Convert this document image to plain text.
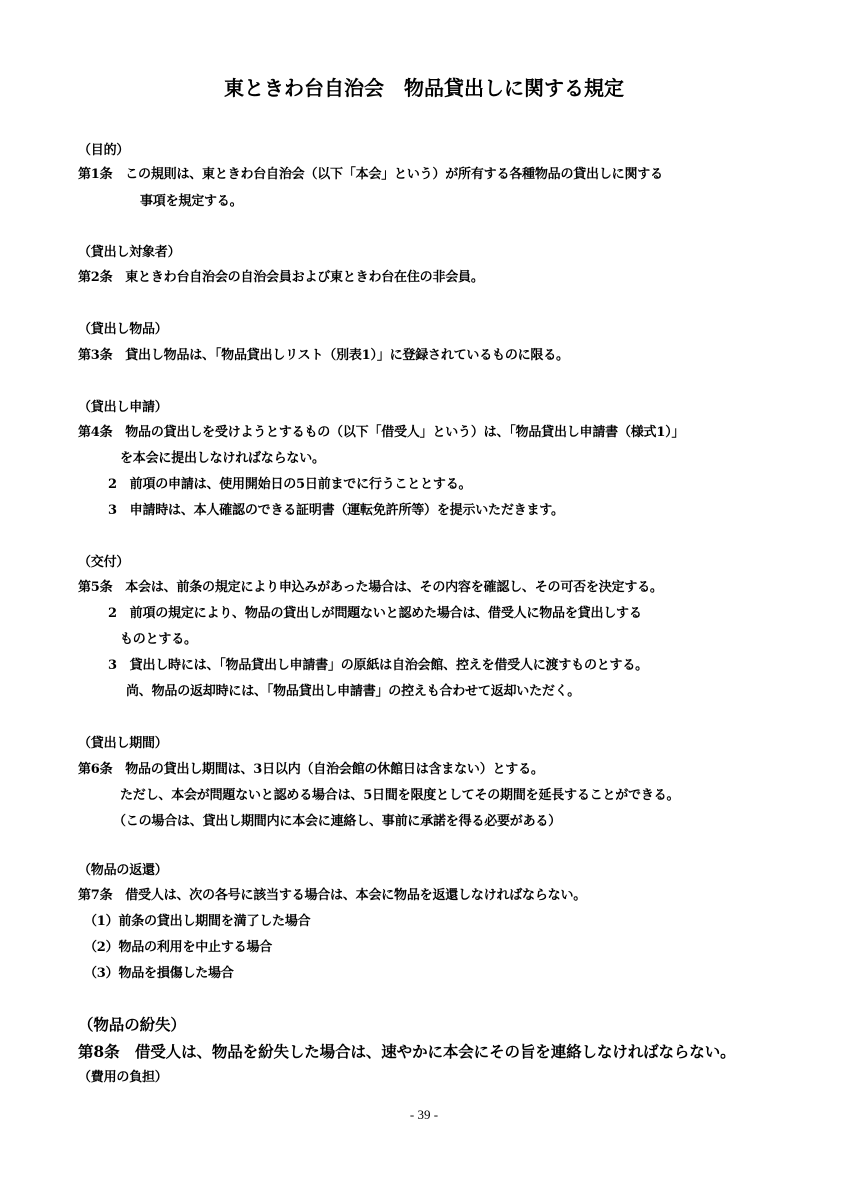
東ときわ台自治会　物品貸出しに関する規定
（目的）
第1条　この規則は、東ときわ台自治会（以下「本会」という）が所有する各種物品の貸出しに関する
事項を規定する。
（貸出し対象者）
第2条　東ときわ台自治会の自治会員および東ときわ台在住の非会員。
（貸出し物品）
第3条　貸出し物品は、「物品貸出しリスト（別表1）」に登録されているものに限る。
（貸出し申請）
第4条　物品の貸出しを受けようとするもの（以下「借受人」という）は、「物品貸出し申請書（様式1）」
を本会に提出しなければならない。
2　前項の申請は、使用開始日の5日前までに行うこととする。
3　申請時は、本人確認のできる証明書（運転免許所等）を提示いただきます。
（交付）
第5条　本会は、前条の規定により申込みがあった場合は、その内容を確認し、その可否を決定する。
2　前項の規定により、物品の貸出しが問題ないと認めた場合は、借受人に物品を貸出しする
ものとする。
3　貸出し時には、「物品貸出し申請書」の原紙は自治会館、控えを借受人に渡すものとする。
尚、物品の返却時には、「物品貸出し申請書」の控えも合わせて返却いただく。
（貸出し期間）
第6条　物品の貸出し期間は、3日以内（自治会館の休館日は含まない）とする。
ただし、本会が問題ないと認める場合は、5日間を限度としてその期間を延長することができる。
（この場合は、貸出し期間内に本会に連絡し、事前に承諾を得る必要がある）
（物品の返還）
第7条　借受人は、次の各号に該当する場合は、本会に物品を返還しなければならない。
（1）前条の貸出し期間を満了した場合
（2）物品の利用を中止する場合
（3）物品を損傷した場合
（物品の紛失）
第8条　借受人は、物品を紛失した場合は、速やかに本会にその旨を連絡しなければならない。
（費用の負担）
- 39 -
